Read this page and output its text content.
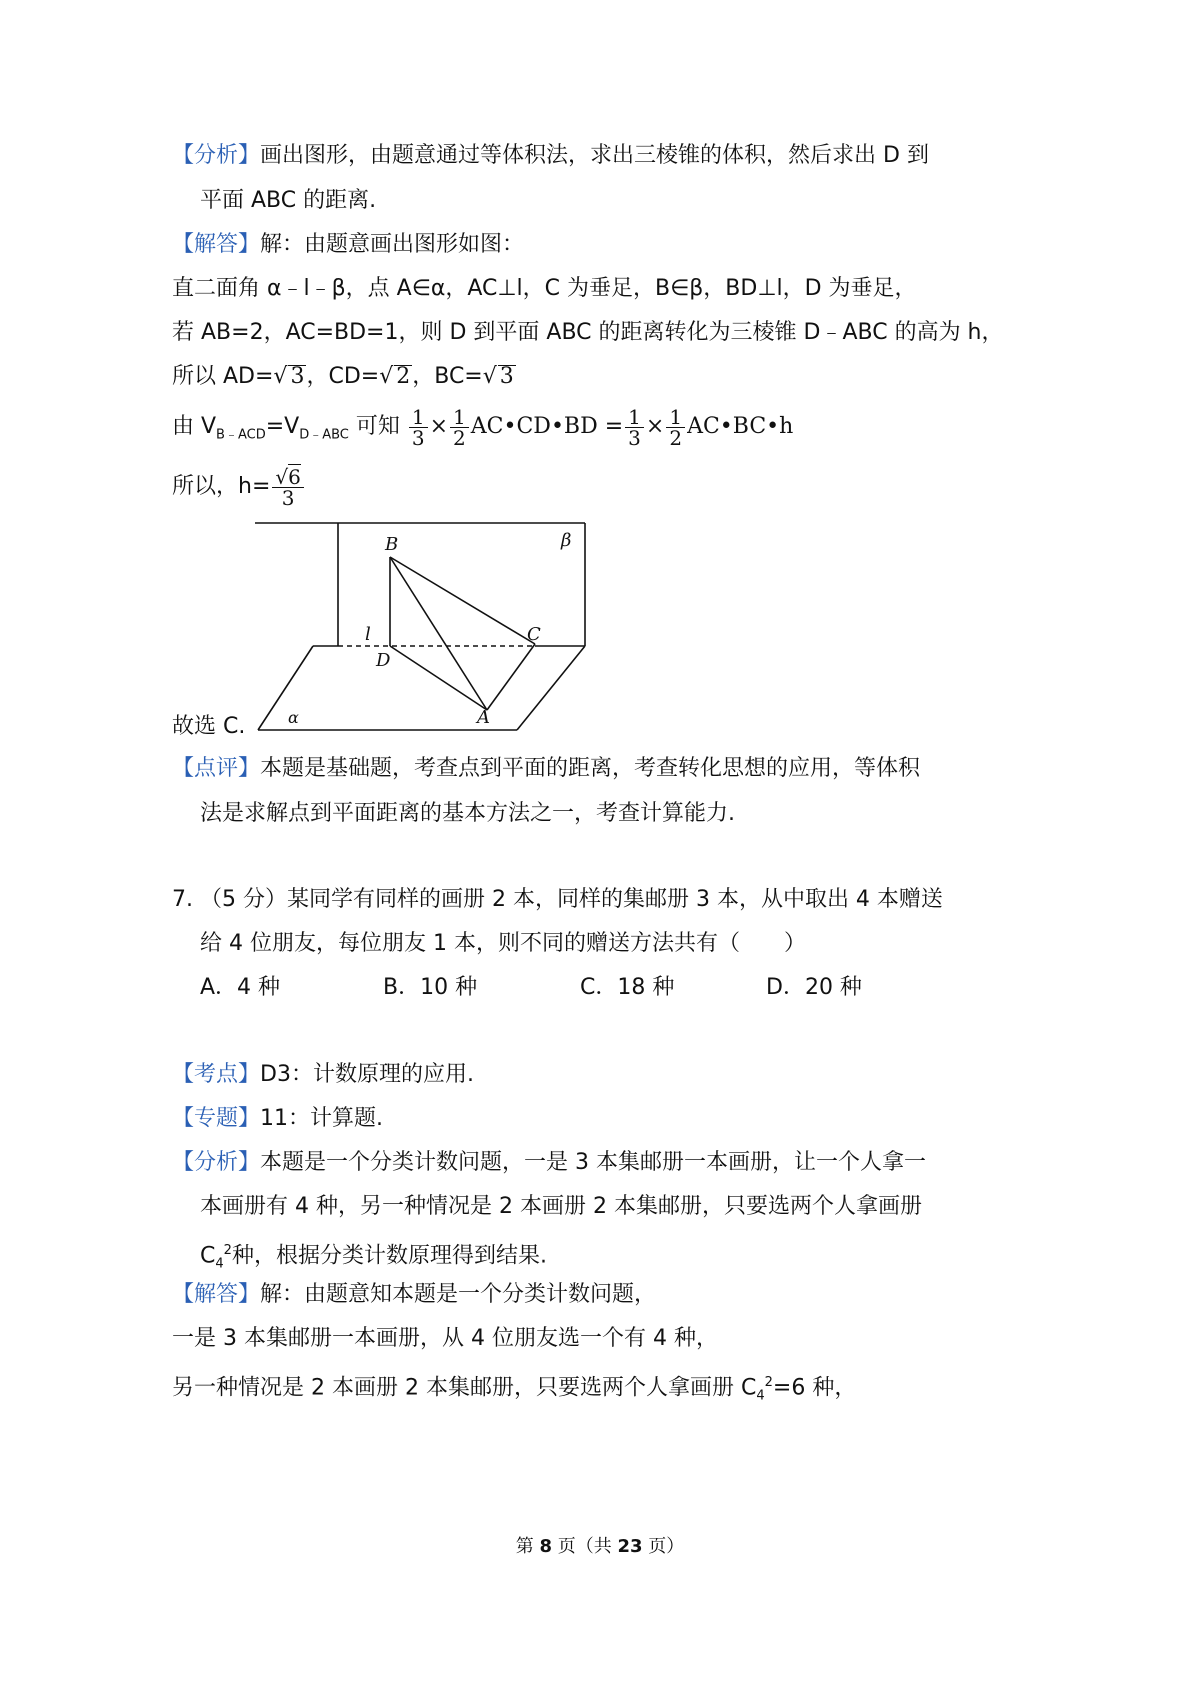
【分析】画出图形，由题意通过等体积法，求出三棱锥的体积，然后求出 D 到
平面 ABC 的距离.
【解答】解：由题意画出图形如图：
直二面角 α﹣l﹣β，点 A∈α，AC⊥l，C 为垂足，B∈β，BD⊥l，D 为垂足，
若 AB=2，AC=BD=1，则 D 到平面 ABC 的距离转化为三棱锥 D﹣ABC 的高为 h，
所以 AD=√ 3，CD=√ 2，BC=√ 3
由 $V_{B﹣ACD}=V_{D﹣ABC}$ 可知 $\frac{1}{3} \times \frac{1}{2}$ AC•CD•BD = $\frac{1}{3} \times \frac{1}{2}$ AC•BC•h
所以，$h= \frac{√6}{3}$
B	β
l	C
D
A
α
故选 C.
【点评】本题是基础题，考查点到平面的距离，考查转化思想的应用，等体积
法是求解点到平面距离的基本方法之一，考查计算能力.
7. （5 分）某同学有同样的画册 2 本，同样的集邮册 3 本，从中取出 4 本赠送
给 4 位朋友，每位朋友 1 本，则不同的赠送方法共有（　　）
A．4 种	B．10 种	C．18 种	D．20 种
【考点】D3：计数原理的应用.
【专题】11：计算题.
【分析】本题是一个分类计数问题，一是 3 本集邮册一本画册，让一个人拿一
本画册有 4 种，另一种情况是 2 本画册 2 本集邮册，只要选两个人拿画册
$C_4^2$种，根据分类计数原理得到结果.
【解答】解：由题意知本题是一个分类计数问题，
一是 3 本集邮册一本画册，从 4 位朋友选一个有 4 种，
另一种情况是 2 本画册 2 本集邮册，只要选两个人拿画册 $C_4^2=6$ 种，
第 8 页（共 23 页）
